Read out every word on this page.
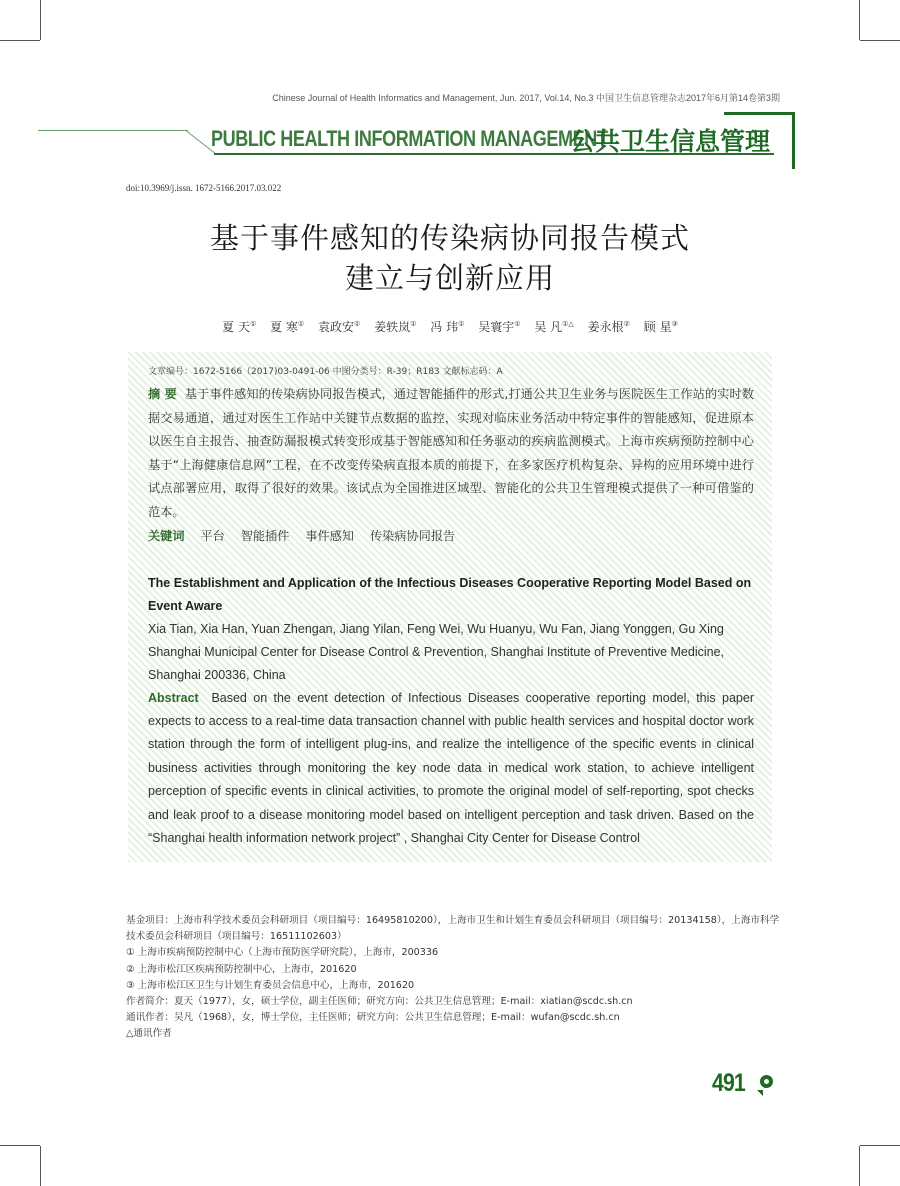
Chinese Journal of Health Informatics and Management, Jun. 2017, Vol.14, No.3 中国卫生信息管理杂志2017年6月第14卷第3期
PUBLIC HEALTH INFORMATION MANAGEMENT
公共卫生信息管理
doi:10.3969/j.issn. 1672-5166.2017.03.022
基于事件感知的传染病协同报告模式
建立与创新应用
夏 天① 夏 寒① 袁政安① 姜轶岚① 冯 玮① 吴寰宇① 吴 凡①△ 姜永根② 顾 星③
文章编号：1672-5166（2017)03-0491-06 中图分类号：R-39；R183 文献标志码：A
摘 要 基于事件感知的传染病协同报告模式，通过智能插件的形式,打通公共卫生业务与医院医生工作站的实时数据交易通道，通过对医生工作站中关键节点数据的监控，实现对临床业务活动中特定事件的智能感知，促进原本以医生自主报告、抽查防漏报模式转变形成基于智能感知和任务驱动的疾病监测模式。上海市疾病预防控制中心基于“上海健康信息网”工程，在不改变传染病直报本质的前提下，在多家医疗机构复杂、异构的应用环境中进行试点部署应用，取得了很好的效果。该试点为全国推进区域型、智能化的公共卫生管理模式提供了一种可借鉴的范本。
关键词 平台 智能插件 事件感知 传染病协同报告
The Establishment and Application of the Infectious Diseases Cooperative Reporting Model Based on Event Aware
Xia Tian, Xia Han, Yuan Zhengan, Jiang Yilan, Feng Wei, Wu Huanyu, Wu Fan, Jiang Yonggen, Gu Xing
Shanghai Municipal Center for Disease Control & Prevention, Shanghai Institute of Preventive Medicine, Shanghai 200336, China
Abstract Based on the event detection of Infectious Diseases cooperative reporting model, this paper expects to access to a real-time data transaction channel with public health services and hospital doctor work station through the form of intelligent plug-ins, and realize the intelligence of the specific events in clinical business activities through monitoring the key node data in medical work station, to achieve intelligent perception of specific events in clinical activities, to promote the original model of self-reporting, spot checks and leak proof to a disease monitoring model based on intelligent perception and task driven. Based on the “Shanghai health information network project” , Shanghai City Center for Disease Control
基金项目：上海市科学技术委员会科研项目（项目编号：16495810200），上海市卫生和计划生育委员会科研项目（项目编号：20134158），上海市科学技术委员会科研项目（项目编号：16511102603）
① 上海市疾病预防控制中心（上海市预防医学研究院），上海市，200336
② 上海市松江区疾病预防控制中心，上海市，201620
③ 上海市松江区卫生与计划生育委员会信息中心，上海市，201620
作者简介：夏天（1977），女，硕士学位，副主任医师；研究方向：公共卫生信息管理；E-mail：xiatian@scdc.sh.cn
通讯作者：吴凡（1968），女，博士学位，主任医师；研究方向：公共卫生信息管理；E-mail：wufan@scdc.sh.cn
△通讯作者
491
